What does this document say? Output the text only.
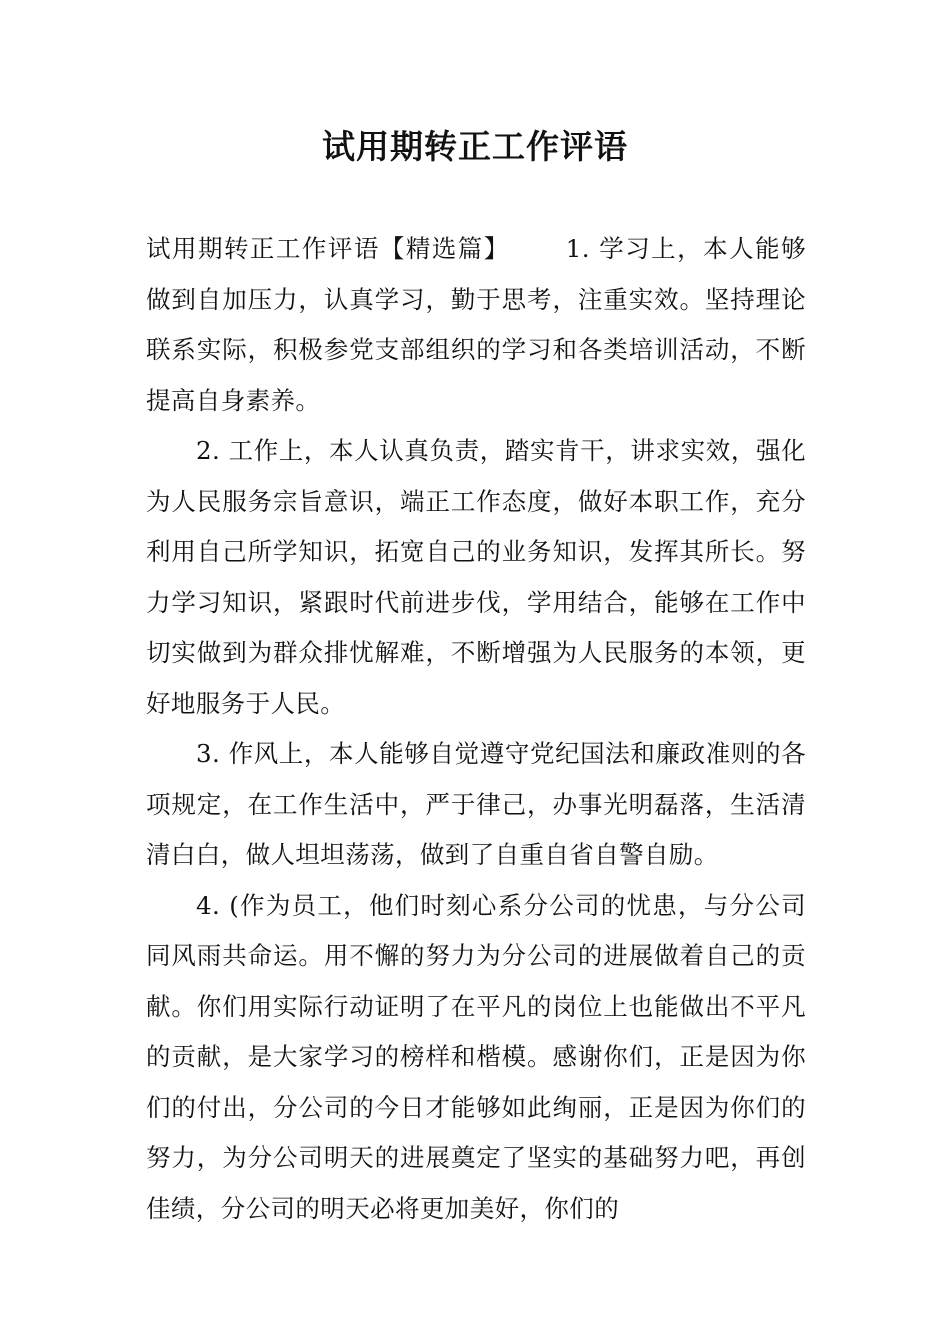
试用期转正工作评语

试用期转正工作评语【精选篇】 1. 学习上，本人能够做到自加压力，认真学习，勤于思考，注重实效。坚持理论联系实际，积极参党支部组织的学习和各类培训活动，不断提高自身素养。

2. 工作上，本人认真负责，踏实肯干，讲求实效，强化为人民服务宗旨意识，端正工作态度，做好本职工作，充分利用自己所学知识，拓宽自己的业务知识，发挥其所长。努力学习知识，紧跟时代前进步伐，学用结合，能够在工作中切实做到为群众排忧解难，不断增强为人民服务的本领，更好地服务于人民。

3. 作风上，本人能够自觉遵守党纪国法和廉政准则的各项规定，在工作生活中，严于律己，办事光明磊落，生活清清白白，做人坦坦荡荡，做到了自重自省自警自励。

4. (作为员工，他们时刻心系分公司的忧患，与分公司同风雨共命运。用不懈的努力为分公司的进展做着自己的贡献。你们用实际行动证明了在平凡的岗位上也能做出不平凡的贡献，是大家学习的榜样和楷模。感谢你们，正是因为你们的付出，分公司的今日才能够如此绚丽，正是因为你们的努力，为分公司明天的进展奠定了坚实的基础努力吧，再创佳绩，分公司的明天必将更加美好，你们的
